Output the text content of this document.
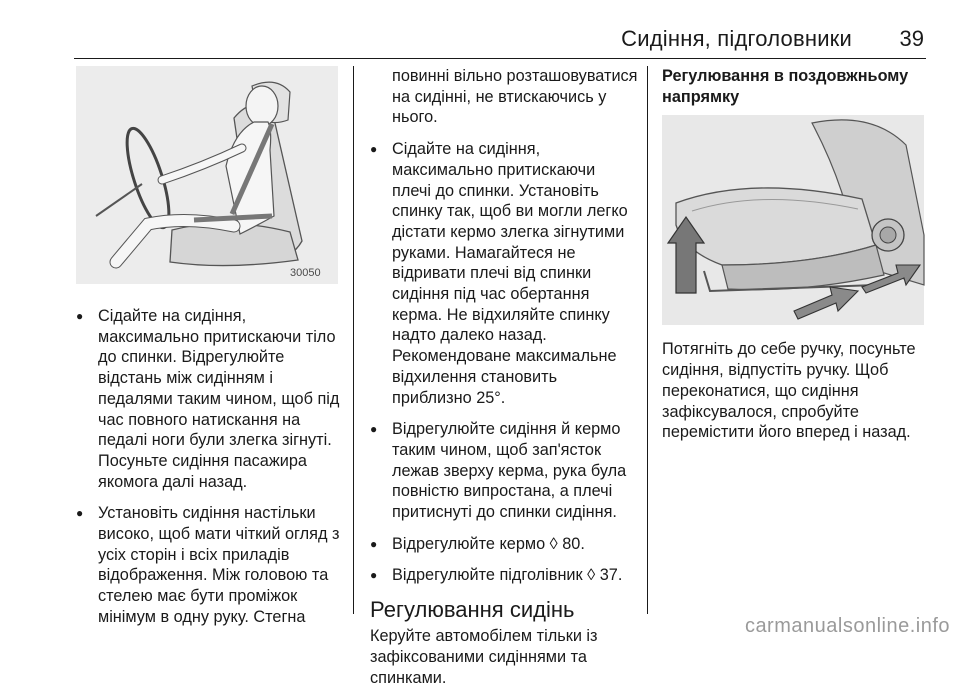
Сидіння, підголовники 39
30050
● Сідайте на сидіння, максимально притискаючи тіло до спинки. Відрегулюйте відстань між сидінням і педалями таким чином, щоб під час повного натискання на педалі ноги були злегка зігнуті. Посуньте сидіння пасажира якомога далі назад.
● Установіть сидіння настільки високо, щоб мати чіткий огляд з усіх сторін і всіх приладів відображення. Між головою та стелею має бути проміжок мінімум в одну руку. Стегна

повинні вільно розташовуватися на сидінні, не втискаючись у нього.

● Сідайте на сидіння, максимально притискаючи плечі до спинки. Установіть спинку так, щоб ви могли легко дістати кермо злегка зігнутими руками. Намагайтеся не відривати плечі від спинки сидіння під час обертання керма. Не відхиляйте спинку надто далеко назад. Рекомендоване максимальне відхилення становить приблизно 25°.
● Відрегулюйте сидіння й кермо таким чином, щоб зап'ясток лежав зверху керма, рука була повністю випростана, а плечі притиснуті до спинки сидіння.
● Відрегулюйте кермо ◊ 80.
● Відрегулюйте підголівник ◊ 37.
Регулювання сидінь

Керуйте автомобілем тільки із зафіксованими сидіннями та спинками.

Регулювання в поздовжньому напрямку

Потягніть до себе ручку, посуньте сидіння, відпустіть ручку. Щоб переконатися, що сидіння зафіксувалося, спробуйте перемістити його вперед і назад.

carmanualsonline.info
